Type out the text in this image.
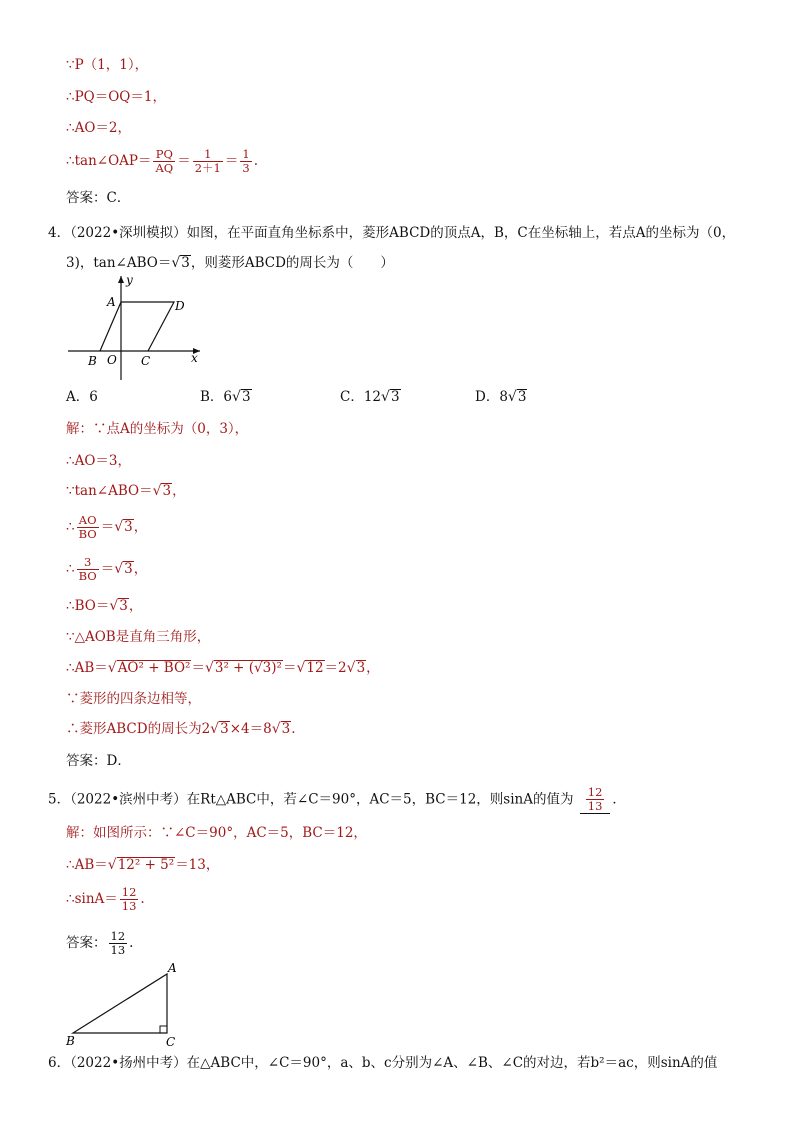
∵P（1，1），
∴PQ＝OQ＝1，
∴AO＝2，
∴tan∠OAP＝ $\frac{PQ}{AQ} = \frac{1}{2+1} = \frac{1}{3}$ .
答案：C．
4．（2022•深圳模拟）如图，在平面直角坐标系中，菱形ABCD的顶点A，B，C在坐标轴上，若点A的坐标为（0，
3)，tan∠ABO＝√3，则菱形ABCD的周长为（　　）
A	D
B O C	x
y
A．6	B．6√3	C．12√3	D．8√3
解：∵点A的坐标为（0，3），
∴AO＝3，
∵tan∠ABO＝√3，
∴ $\frac{AO}{BO} =√3$，
∴ $\frac{3}{BO} =√3$，
∴BO＝√3，
∵△AOB是直角三角形，
∴AB＝√AO² + BO²＝√3² + (√3)²＝√12＝2√3，
∵菱形的四条边相等，
∴菱形ABCD的周长为2√3×4＝8√3.
答案：D．
5．（2022•滨州中考）在Rt△ABC中，若∠C＝90°，AC＝5，BC＝12，则sinA的值为 $\frac{12}{13}$ ．
解：如图所示：∵∠C＝90°，AC＝5，BC＝12，
∴AB＝√12² + 5²＝13，
∴sinA＝ $\frac{12}{13}$ .
答案： $\frac{12}{13}$ .
A
B	C
6．（2022•扬州中考）在△ABC中，∠C＝90°，a、b、c分别为∠A、∠B、∠C的对边，若b²＝ac，则sinA的值
